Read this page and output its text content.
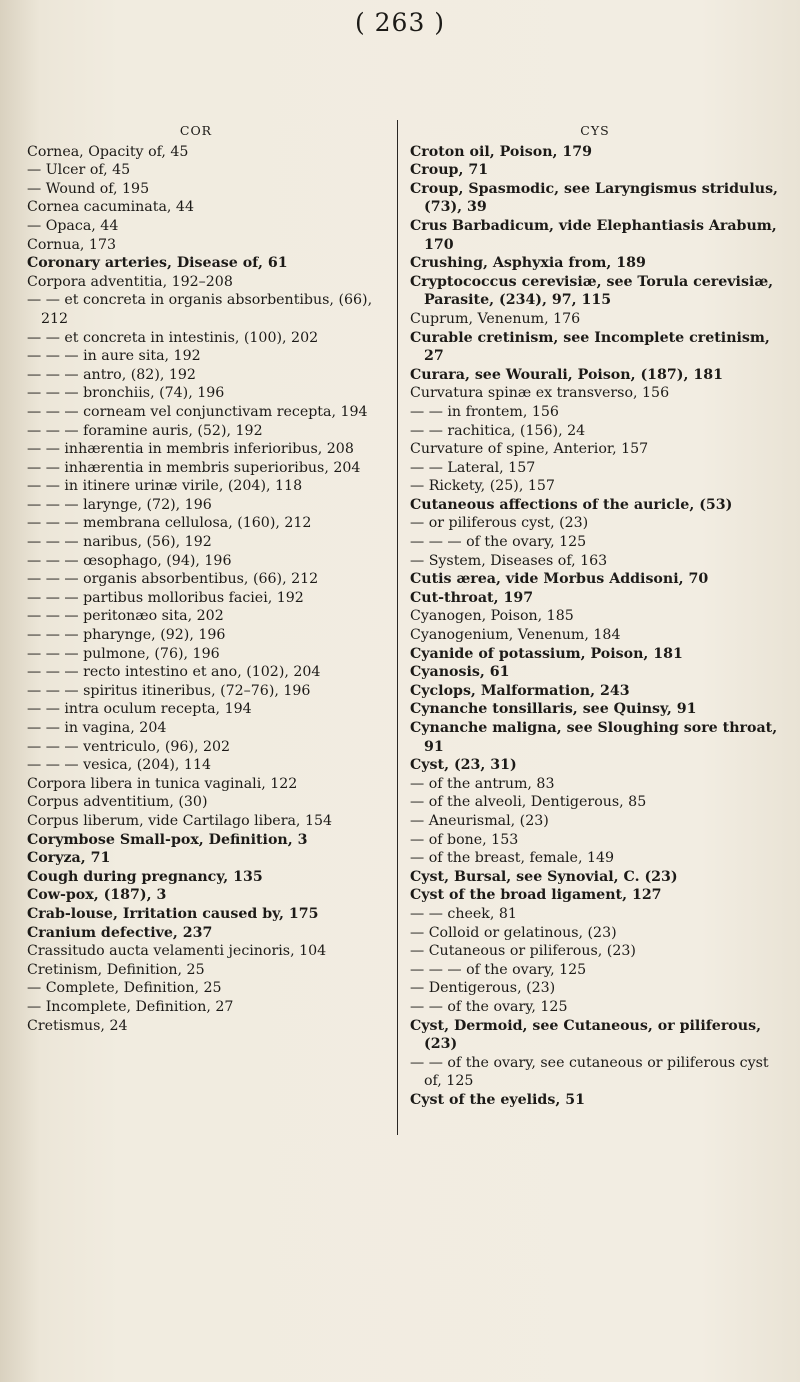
( 263 )
COR
Cornea, Opacity of, 45
— Ulcer of, 45
— Wound of, 195
Cornea cacuminata, 44
— Opaca, 44
Cornua, 173
Coronary arteries, Disease of, 61
Corpora adventitia, 192–208
— — et concreta in organis absorbentibus, (66), 212
— — et concreta in intestinis, (100), 202
— — — in aure sita, 192
— — — antro, (82), 192
— — — bronchiis, (74), 196
— — — corneam vel conjunctivam recepta, 194
— — — foramine auris, (52), 192
— — inhærentia in membris inferioribus, 208
— — inhærentia in membris superioribus, 204
— — in itinere urinæ virile, (204), 118
— — — larynge, (72), 196
— — — membrana cellulosa, (160), 212
— — — naribus, (56), 192
— — — œsophago, (94), 196
— — — organis absorbentibus, (66), 212
— — — partibus molloribus faciei, 192
— — — peritonæo sita, 202
— — — pharynge, (92), 196
— — — pulmone, (76), 196
— — — recto intestino et ano, (102), 204
— — — spiritus itineribus, (72–76), 196
— — intra oculum recepta, 194
— — in vagina, 204
— — — ventriculo, (96), 202
— — — vesica, (204), 114
Corpora libera in tunica vaginali, 122
Corpus adventitium, (30)
Corpus liberum, vide Cartilago libera, 154
Corymbose Small-pox, Definition, 3
Coryza, 71
Cough during pregnancy, 135
Cow-pox, (187), 3
Crab-louse, Irritation caused by, 175
Cranium defective, 237
Crassitudo aucta velamenti jecinoris, 104
Cretinism, Definition, 25
— Complete, Definition, 25
— Incomplete, Definition, 27
Cretismus, 24
CYS
Croton oil, Poison, 179
Croup, 71
Croup, Spasmodic, see Laryngismus stridulus, (73), 39
Crus Barbadicum, vide Elephantiasis Arabum, 170
Crushing, Asphyxia from, 189
Cryptococcus cerevisiæ, see Torula cerevisiæ, Parasite, (234), 97, 115
Cuprum, Venenum, 176
Curable cretinism, see Incomplete cretinism, 27
Curara, see Wourali, Poison, (187), 181
Curvatura spinæ ex transverso, 156
— — in frontem, 156
— — rachitica, (156), 24
Curvature of spine, Anterior, 157
— — Lateral, 157
— Rickety, (25), 157
Cutaneous affections of the auricle, (53)
— or piliferous cyst, (23)
— — — of the ovary, 125
— System, Diseases of, 163
Cutis ærea, vide Morbus Addisoni, 70
Cut-throat, 197
Cyanogen, Poison, 185
Cyanogenium, Venenum, 184
Cyanide of potassium, Poison, 181
Cyanosis, 61
Cyclops, Malformation, 243
Cynanche tonsillaris, see Quinsy, 91
Cynanche maligna, see Sloughing sore throat, 91
Cyst, (23, 31)
— of the antrum, 83
— of the alveoli, Dentigerous, 85
— Aneurismal, (23)
— of bone, 153
— of the breast, female, 149
Cyst, Bursal, see Synovial, C. (23)
Cyst of the broad ligament, 127
— — cheek, 81
— Colloid or gelatinous, (23)
— Cutaneous or piliferous, (23)
— — — of the ovary, 125
— Dentigerous, (23)
— — of the ovary, 125
Cyst, Dermoid, see Cutaneous, or piliferous, (23)
— — of the ovary, see cutaneous or piliferous cyst of, 125
Cyst of the eyelids, 51
